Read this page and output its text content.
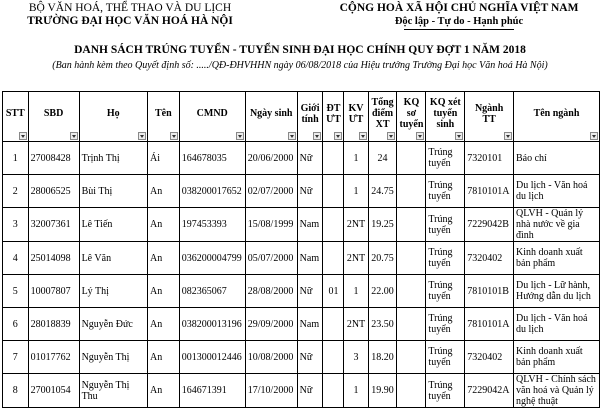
BỘ VĂN HOÁ, THỂ THAO VÀ DU LỊCH
TRƯỜNG ĐẠI HỌC VĂN HOÁ HÀ NỘI
CỘNG HOÀ XÃ HỘI CHỦ NGHĨA VIỆT NAM
Độc lập - Tự do - Hạnh phúc
DANH SÁCH TRÚNG TUYỂN - TUYỂN SINH ĐẠI HỌC CHÍNH QUY ĐỢT 1 NĂM 2018
(Ban hành kèm theo Quyết định số: ...../QĐ-ĐHVHHN ngày 06/08/2018 của Hiệu trưởng Trường Đại học Văn hoá Hà Nội)
STT	SBD	Họ	Tên	CMND	Ngày sinh	Giới tính	ĐT ƯT	KV ƯT	Tổng điểm XT	KQ sơ tuyển	KQ xét tuyển sinh	Ngành TT	Tên ngành

1	27008428	Trịnh Thị	Ái	164678035	20/06/2000	Nữ		1	24		Trúng tuyển	7320101	Báo chí
2	28006525	Bùi Thị	An	038200017652	02/07/2000	Nữ		1	24.75		Trúng tuyển	7810101A	Du lịch - Văn hoá du lịch
3	32007361	Lê Tiến	An	197453393	15/08/1999	Nam		2NT	19.25		Trúng tuyển	7229042B	QLVH - Quản lý nhà nước về gia đình
4	25014098	Lê Văn	An	036200004799	05/07/2000	Nam		2NT	20.75		Trúng tuyển	7320402	Kinh doanh xuất bản phẩm
5	10007807	Lý Thị	An	082365067	28/08/2000	Nữ	01	1	22.00		Trúng tuyển	7810101B	Du lịch - Lữ hành, Hướng dẫn du lịch
6	28018839	Nguyễn Đức	An	038200013196	29/09/2000	Nam		2NT	23.50		Trúng tuyển	7810101A	Du lịch - Văn hoá du lịch
7	01017762	Nguyễn Thị	An	001300012446	10/08/2000	Nữ		3	18.20		Trúng tuyển	7320402	Kinh doanh xuất bản phẩm
8	27001054	Nguyễn Thị Thu	An	164671391	17/10/2000	Nữ		1	19.90		Trúng tuyển	7229042A	QLVH - Chính sách văn hoá và Quản lý nghệ thuật
